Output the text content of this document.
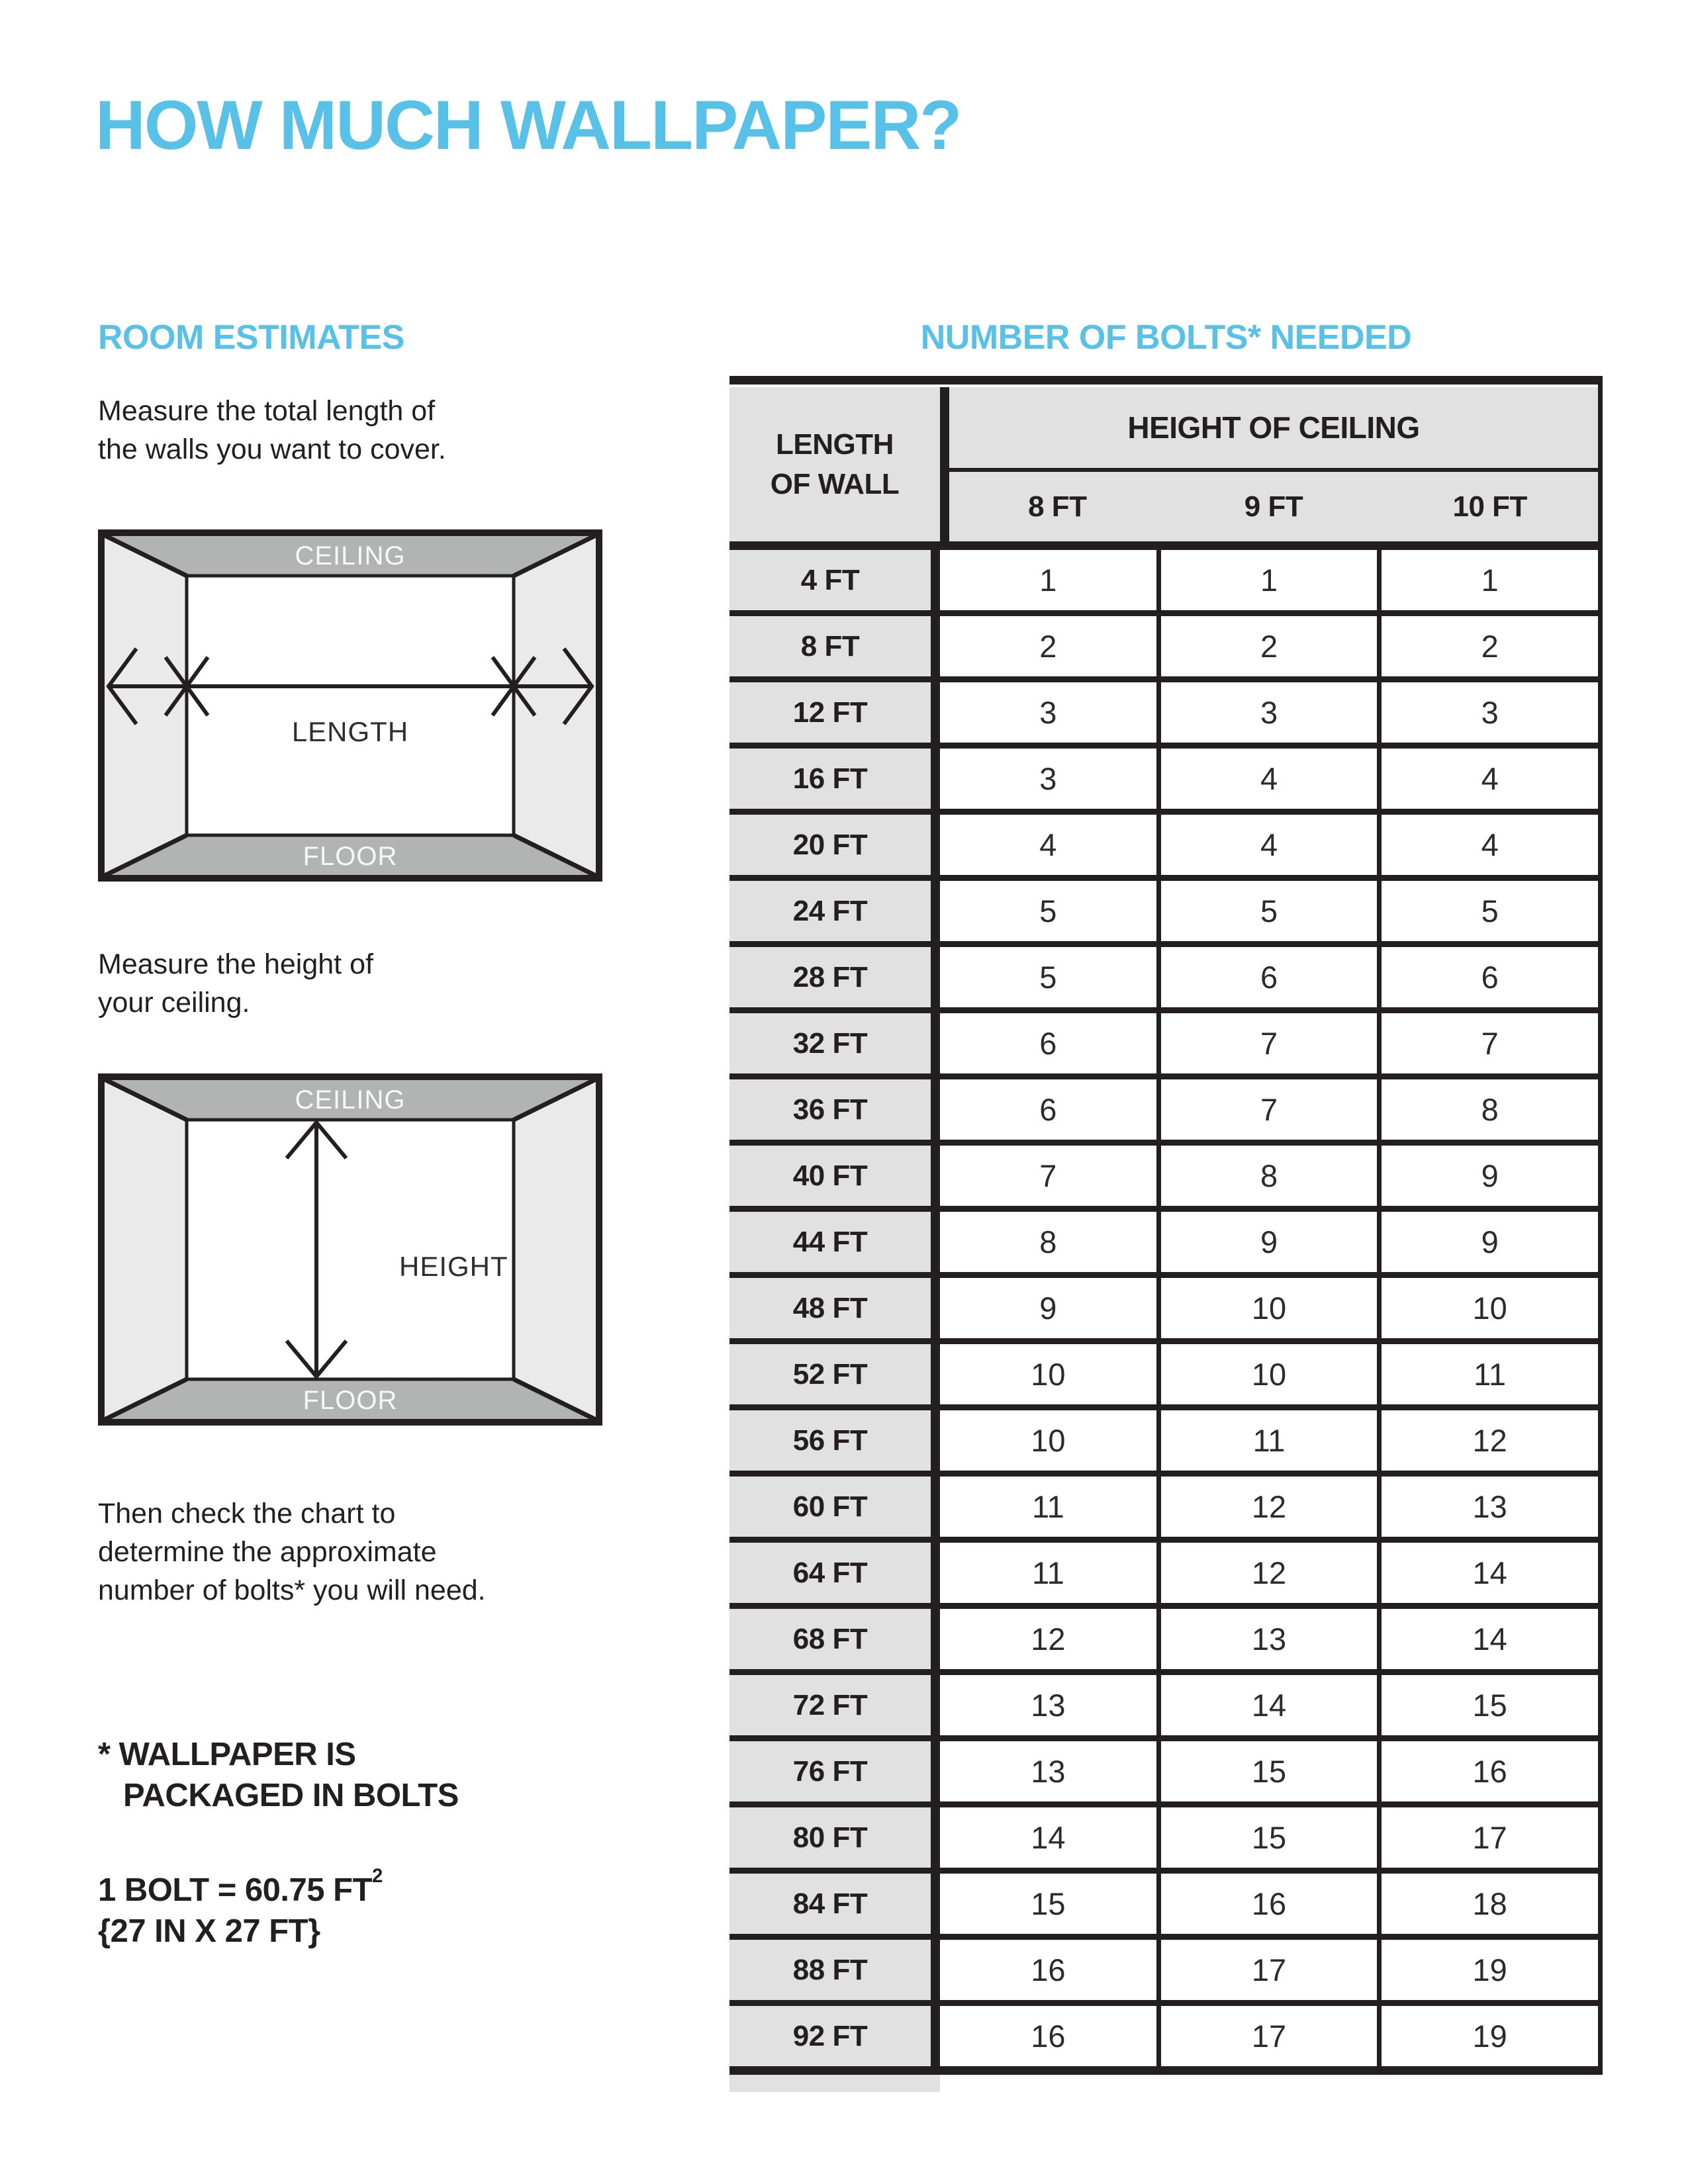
HOW MUCH WALLPAPER?
ROOM ESTIMATES

Measure the total length of
the walls you want to cover.

CEILING
FLOOR
LENGTH

Measure the height of
your ceiling.

CEILING
FLOOR
HEIGHT

Then check the chart to
determine the approximate
number of bolts* you will need.

* WALLPAPER IS
PACKAGED IN BOLTS

1 BOLT = 60.75 $FT^2$
{27 IN X 27 FT}

NUMBER OF BOLTS* NEEDED
LENGTH
OF WALL
HEIGHT OF CEILING
8 FT	9 FT	10 FT
4 FT	1	1	1
8 FT	2	2	2
12 FT	3	3	3
16 FT	3	4	4
20 FT	4	4	4
24 FT	5	5	5
28 FT	5	6	6
32 FT	6	7	7
36 FT	6	7	8
40 FT	7	8	9
44 FT	8	9	9
48 FT	9	10	10
52 FT	10	10	11
56 FT	10	11	12
60 FT	11	12	13
64 FT	11	12	14
68 FT	12	13	14
72 FT	13	14	15
76 FT	13	15	16
80 FT	14	15	17
84 FT	15	16	18
88 FT	16	17	19
92 FT	16	17	19
